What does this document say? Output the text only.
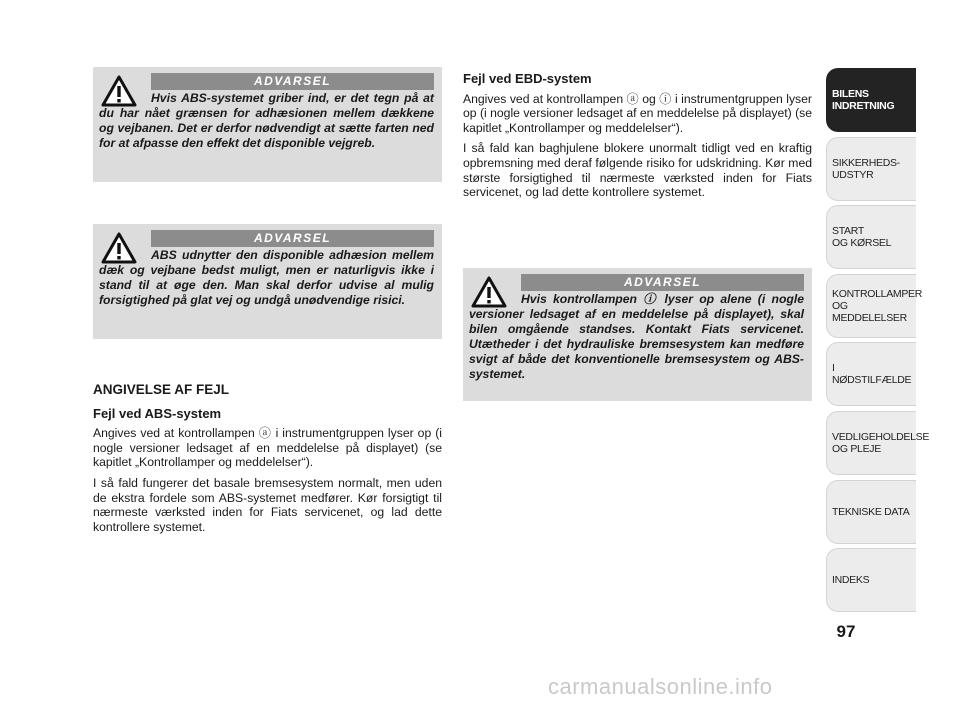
ADVARSEL
Hvis ABS-systemet griber ind, er det tegn på at du har nået grænsen for adhæsionen mellem dækkene og vejbanen. Det er derfor nødvendigt at sætte farten ned for at afpasse den effekt det disponible vejgreb.
ADVARSEL
ABS udnytter den disponible adhæsion mellem dæk og vejbane bedst muligt, men er naturligvis ikke i stand til at øge den. Man skal derfor udvise al mulig forsigtighed på glat vej og undgå unødvendige risici.
ADVARSEL
Hvis kontrollampen ⓘ lyser op alene (i nogle versioner ledsaget af en meddelelse på displayet), skal bilen omgående standses. Kontakt Fiats servicenet. Utætheder i det hydrauliske bremsesystem kan medføre svigt af både det konventionelle bremsesystem og ABS-systemet.

ANGIVELSE AF FEJL

Fejl ved ABS-system

Angives ved at kontrollampen ⓐ i instrumentgruppen lyser op (i nogle versioner ledsaget af en meddelelse på displayet) (se kapitlet „Kontrollamper og meddelelser“).

I så fald fungerer det basale bremsesystem normalt, men uden de ekstra fordele som ABS-systemet medfører. Kør forsigtigt til nærmeste værksted inden for Fiats servicenet, og lad dette kontrollere systemet.

Fejl ved EBD-system

Angives ved at kontrollampen ⓐ og ⓘ i instrumentgruppen lyser op (i nogle versioner ledsaget af en meddelelse på displayet) (se kapitlet „Kontrollamper og meddelelser“).

I så fald kan baghjulene blokere unormalt tidligt ved en kraftig opbremsning med deraf følgende risiko for udskridning. Kør med største forsigtighed til nærmeste værksted inden for Fiats servicenet, og lad dette kontrollere systemet.

BILENS
INDRETNING
SIKKERHEDS-
UDSTYR
START
OG KØRSEL
KONTROLLAMPER
OG MEDDELELSER
I NØDSTILFÆLDE
VEDLIGEHOLDELSE
OG PLEJE
TEKNISKE DATA
INDEKS
97
carmanualsonline.info
